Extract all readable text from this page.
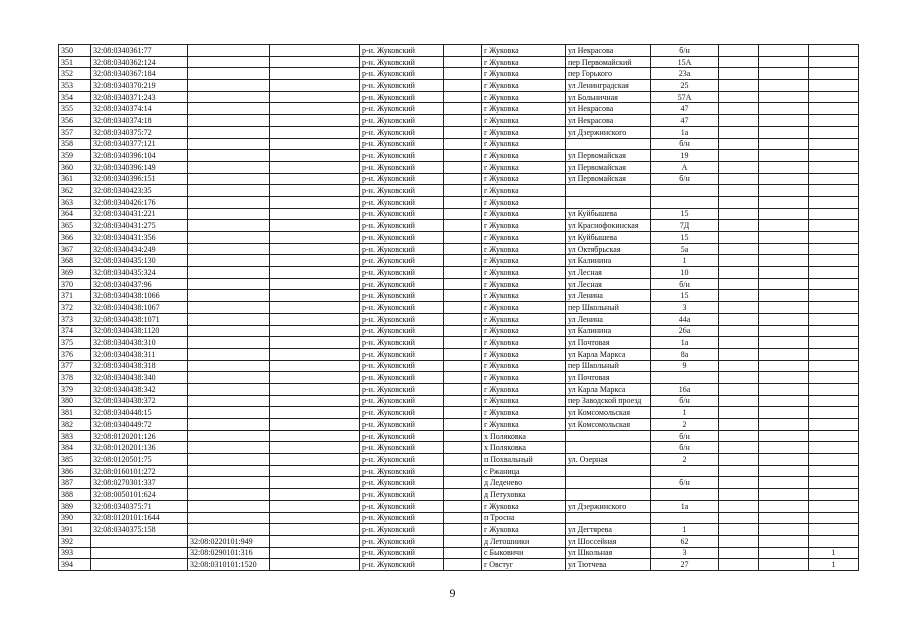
350	32:08:0340361:77			р-н. Жуковский		г Жуковка	ул Некрасова	б/н			
351	32:08:0340362:124			р-н. Жуковский		г Жуковка	пер Первомайский	15А			
352	32:08:0340367:184			р-н. Жуковский		г Жуковка	пер Горького	23а			
353	32:08:0340370:219			р-н. Жуковский		г Жуковка	ул Ленинградская	25			
354	32:08:0340371:243			р-н. Жуковский		г Жуковка	ул Больничная	57А			
355	32:08:0340374:14			р-н. Жуковский		г Жуковка	ул Некрасова	47			
356	32:08:0340374:18			р-н. Жуковский		г Жуковка	ул Некрасова	47			
357	32:08:0340375:72			р-н. Жуковский		г Жуковка	ул Дзержинского	1а			
358	32:08:0340377:121			р-н. Жуковский		г Жуковка		б/н			
359	32:08:0340396:104			р-н. Жуковский		г Жуковка	ул Первомайская	19			
360	32:08:0340396:149			р-н. Жуковский		г Жуковка	ул Первомайская	А			
361	32:08:0340396:151			р-н. Жуковский		г Жуковка	ул Первомайская	б/н			
362	32:08:0340423:35			р-н. Жуковский		г Жуковка					
363	32:08:0340426:176			р-н. Жуковский		г Жуковка					
364	32:08:0340431:221			р-н. Жуковский		г Жуковка	ул Куйбышева	15			
365	32:08:0340431:275			р-н. Жуковский		г Жуковка	ул Краснофокинская	7Д			
366	32:08:0340431:356			р-н. Жуковский		г Жуковка	ул Куйбышева	15			
367	32:08:0340434:249			р-н. Жуковский		г Жуковка	ул Октябрьская	5а			
368	32:08:0340435:130			р-н. Жуковский		г Жуковка	ул Калинина	1			
369	32:08:0340435:324			р-н. Жуковский		г Жуковка	ул Лесная	10			
370	32:08:0340437:96			р-н. Жуковский		г Жуковка	ул Лесная	б/н			
371	32:08:0340438:1066			р-н. Жуковский		г Жуковка	ул Ленина	15			
372	32:08:0340438:1067			р-н. Жуковский		г Жуковка	пер Школьный	3			
373	32:08:0340438:1071			р-н. Жуковский		г Жуковка	ул Ленина	44а			
374	32:08:0340438:1120			р-н. Жуковский		г Жуковка	ул Калинина	26а			
375	32:08:0340438:310			р-н. Жуковский		г Жуковка	ул Почтовая	1а			
376	32:08:0340438:311			р-н. Жуковский		г Жуковка	ул Карла Маркса	8а			
377	32:08:0340438:318			р-н. Жуковский		г Жуковка	пер Школьный	9			
378	32:08:0340438:340			р-н. Жуковский		г Жуковка	ул Почтовая				
379	32:08:0340438:342			р-н. Жуковский		г Жуковка	ул Карла Маркса	16а			
380	32:08:0340438:372			р-н. Жуковский		г Жуковка	пер Заводской проезд	б/н			
381	32:08:0340448:15			р-н. Жуковский		г Жуковка	ул Комсомольская	1			
382	32:08:0340449:72			р-н. Жуковский		г Жуковка	ул Комсомольская	2			
383	32:08:0120201:126			р-н. Жуковский		х Поляковка		б/н			
384	32:08:0120201:136			р-н. Жуковский		х Поляковка		б/н			
385	32:08:0120501:75			р-н. Жуковский		п Похвальный	ул. Озерная	2			
386	32:08:0160101:272			р-н. Жуковский		с Ржаница					
387	32:08:0270301:337			р-н. Жуковский		д Леденево		б/н			
388	32:08:0050101:624			р-н. Жуковский		д Петуховка					
389	32:08:0340375:71			р-н. Жуковский		г Жуковка	ул Дзержинского	1а			
390	32:08:0120101:1644			р-н. Жуковский		п Тросна					
391	32:08:0340375:158			р-н. Жуковский		г Жуковка	ул Дегтярева	1			
392		32:08:0220101:949		р-н. Жуковский		д Летошники	ул Шоссейная	62			
393		32:08:0290101:316		р-н. Жуковский		с Быковичи	ул Школьная	3			1
394		32:08:0310101:1520		р-н. Жуковский		г Овстуг	ул Тютчева	27			1
9
